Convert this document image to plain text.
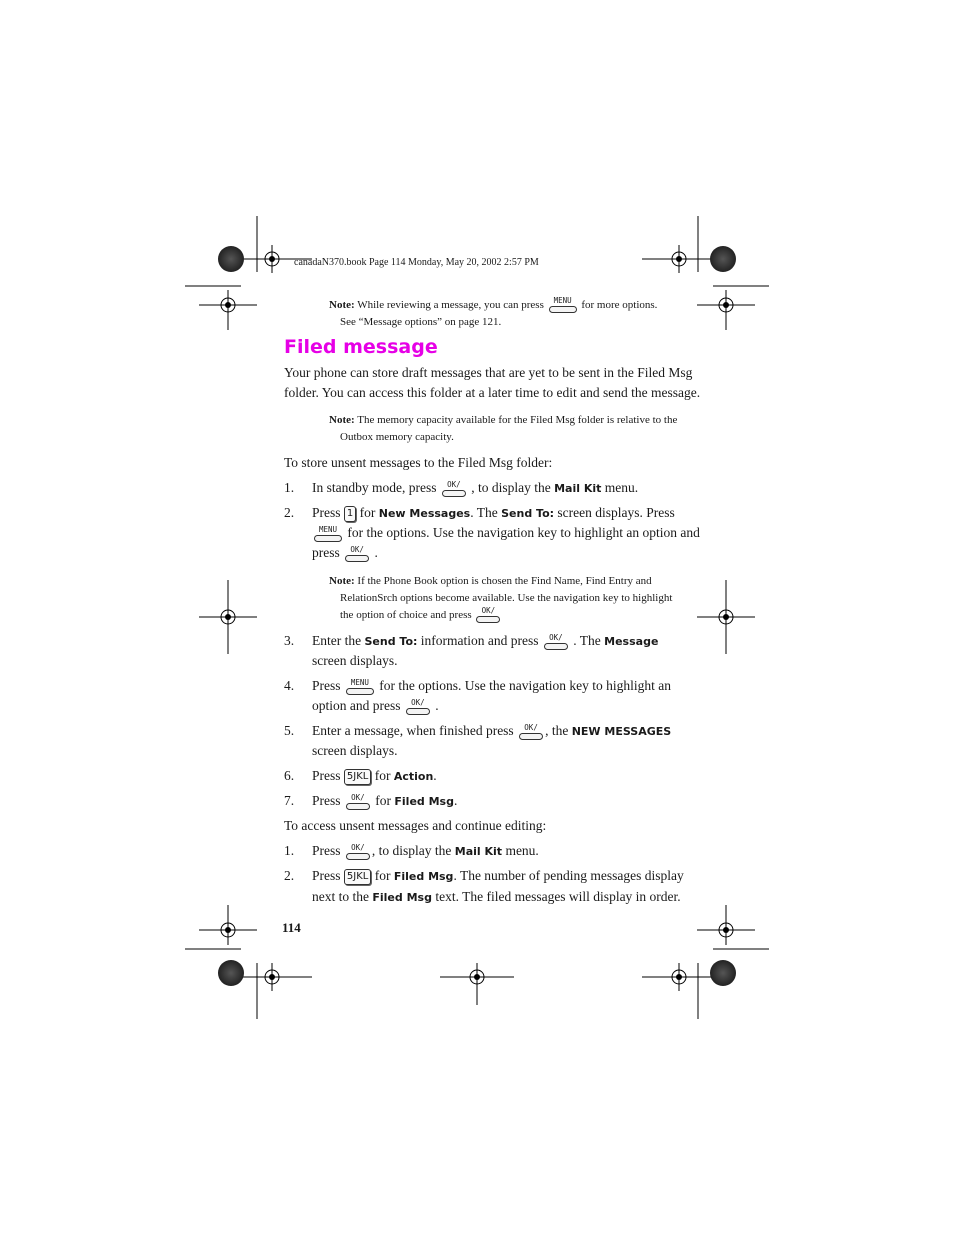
canadaN370.book Page 114 Monday, May 20, 2002 2:57 PM
Note: While reviewing a message, you can press	MENU for more options.
See “Message options” on page 121.
Filed message
Your phone can store draft messages that are yet to be sent in the Filed Msg
folder. You can access this folder at a later time to edit and send the message.
Note: The memory capacity available for the Filed Msg folder is relative to the
Outbox memory capacity.
To store unsent messages to the Filed Msg folder:
1. In standby mode, press	OK/ , to display the Mail Kit menu.
2. Press 1 for New Messages. The Send To: screen displays. Press
MENU for the options. Use the navigation key to highlight an option and
press	OK/ .
Note: If the Phone Book option is chosen the Find Name, Find Entry and
RelationSrch options become available. Use the navigation key to highlight
the option of choice and press	OK/
3. Enter the Send To: information and press	OK/ . The Message
screen displays.
4. Press	MENU for the options. Use the navigation key to highlight an
option and press	OK/ .
5. Enter a message, when finished press	OK/ , the NEW MESSAGES
screen displays.
6. Press 5JKL for Action.
7. Press	OK/ for Filed Msg.
To access unsent messages and continue editing:
1. Press	OK/ , to display the Mail Kit menu.
2. Press 5JKL for Filed Msg. The number of pending messages display
next to the Filed Msg text. The filed messages will display in order.
114
